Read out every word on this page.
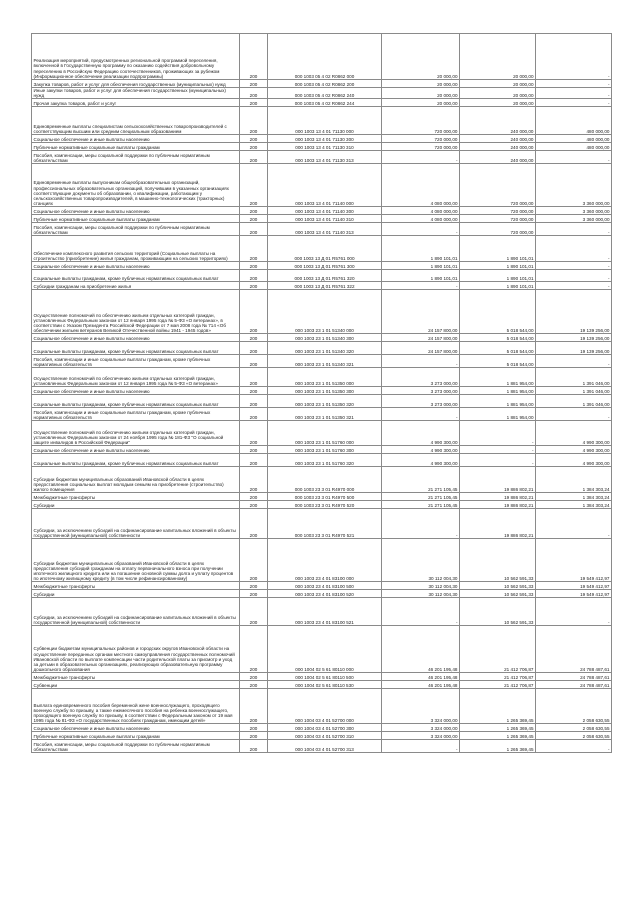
Реализация мероприятий, предусмотренных региональной программой переселения, включенной в Государственную программу по оказанию содействия добровольному переселению в Российскую Федерацию соотечественников, проживающих за рубежом (Информационное обеспечение реализации подпрограммы)	200	000 1003 05 4 02 R0862 000	20 000,00	20 000,00	-
Закупка товаров, работ и услуг для обеспечения государственных (муниципальных) нужд	200	000 1003 05 4 02 R0862 200	20 000,00	20 000,00	-
Иные закупки товаров, работ и услуг для обеспечения государственных (муниципальных) нужд	200	000 1003 05 4 02 R0862 240	20 000,00	20 000,00	-
Прочая закупка товаров, работ и услуг	200	000 1003 05 4 02 R0862 244	20 000,00	20 000,00	-
Единовременные выплаты специалистам сельскохозяйственных товаропроизводителей с соответствующим высшим или средним специальным образованием	200	000 1003 13 4 01 71130 000	720 000,00	240 000,00	480 000,00
Социальное обеспечение и иные выплаты населению	200	000 1003 13 4 01 71130 300	720 000,00	240 000,00	480 000,00
Публичные нормативные социальные выплаты гражданам	200	000 1003 13 4 01 71130 310	720 000,00	240 000,00	480 000,00
Пособия, компенсации, меры социальной поддержки по публичным нормативным обязательствам	200	000 1003 13 4 01 71130 313	-	240 000,00	-
Единовременные выплаты выпускникам общеобразовательных организаций, профессиональных образовательных организаций, получившим в указанных организациях соответствующие документы об образовании, о квалификации, работающим у сельскохозяйственных товаропроизводителей, в машинно-технологических (тракторных) станциях	200	000 1003 13 4 01 71140 000	4 080 000,00	720 000,00	3 360 000,00
Социальное обеспечение и иные выплаты населению	200	000 1003 13 4 01 71140 300	4 080 000,00	720 000,00	3 360 000,00
Публичные нормативные социальные выплаты гражданам	200	000 1003 13 4 01 71140 310	4 080 000,00	720 000,00	3 360 000,00
Пособия, компенсации, меры социальной поддержки по публичным нормативным обязательствам	200	000 1003 13 4 01 71140 313	-	720 000,00	-
Обеспечение комплексного развития сельских территорий (Социальные выплаты на строительство (приобретение) жилья гражданам, проживающим на сельских территориях)	200	000 1003 13 Д 01 R5761 000	1 890 101,01	1 890 101,01	-
Социальное обеспечение и иные выплаты населению	200	000 1003 13 Д 01 R5761 300	1 890 101,01	1 890 101,01	-
Социальные выплаты гражданам, кроме публичных нормативных социальных выплат	200	000 1003 13 Д 01 R5761 320	1 890 101,01	1 890 101,01	-
Субсидии гражданам на приобретение жилья	200	000 1003 13 Д 01 R5761 322	-	1 890 101,01	-
Осуществление полномочий по обеспечению жильем отдельных категорий граждан, установленных Федеральным законом от 12 января 1995 года № 5-ФЗ «О ветеранах», в соответствии с Указом Президента Российской Федерации от 7 мая 2008 года № 714 «Об обеспечении жильем ветеранов Великой Отечественной войны 1941 - 1945 годов»	200	000 1003 23 1 01 51340 000	24 157 800,00	5 018 544,00	19 139 256,00
Социальное обеспечение и иные выплаты населению	200	000 1003 23 1 01 51340 300	24 157 800,00	5 018 544,00	19 139 256,00
Социальные выплаты гражданам, кроме публичных нормативных социальных выплат	200	000 1003 23 1 01 51340 320	24 157 800,00	5 018 544,00	19 139 256,00
Пособия, компенсации и иные социальные выплаты гражданам, кроме публичных нормативных обязательств	200	000 1003 23 1 01 51340 321	-	5 018 544,00	-
Осуществление полномочий по обеспечению жильем отдельных категорий граждан, установленных Федеральным законом от 12 января 1995 года № 5-ФЗ «О ветеранах»	200	000 1003 23 1 01 51350 000	3 273 000,00	1 881 954,00	1 391 046,00
Социальное обеспечение и иные выплаты населению	200	000 1003 23 1 01 51350 300	3 273 000,00	1 881 954,00	1 391 046,00
Социальные выплаты гражданам, кроме публичных нормативных социальных выплат	200	000 1003 23 1 01 51350 320	3 273 000,00	1 881 954,00	1 391 046,00
Пособия, компенсации и иные социальные выплаты гражданам, кроме публичных нормативных обязательств	200	000 1003 23 1 01 51350 321	-	1 881 954,00	-
Осуществление полномочий по обеспечению жильем отдельных категорий граждан, установленных Федеральным законом от 24 ноября 1995 года № 181-ФЗ "О социальной защите инвалидов в Российской Федерации"	200	000 1003 23 1 01 51760 000	4 990 300,00	-	4 990 300,00
Социальное обеспечение и иные выплаты населению	200	000 1003 23 1 01 51760 300	4 990 300,00	-	4 990 300,00
Социальные выплаты гражданам, кроме публичных нормативных социальных выплат	200	000 1003 23 1 01 51760 320	4 990 300,00	-	4 990 300,00
Субсидии бюджетам муниципальных образований Ивановской области в целях предоставления социальных выплат молодым семьям на приобретение (строительство) жилого помещения	200	000 1003 23 3 01 R4970 000	21 271 105,45	19 886 802,21	1 384 303,24
Межбюджетные трансферты	200	000 1003 23 3 01 R4970 500	21 271 105,45	19 886 802,21	1 384 303,24
Субсидии	200	000 1003 23 3 01 R4970 520	21 271 105,45	19 886 802,21	1 384 303,24
Субсидии, за исключением субсидий на софинансирование капитальных вложений в объекты государственной (муниципальной) собственности	200	000 1003 23 3 01 R4970 521	-	19 886 802,21	-
Субсидии бюджетам муниципальных образований Ивановской области в целях предоставления субсидий гражданам на оплату первоначального взноса при получении ипотечного жилищного кредита или на погашение основной суммы долга и уплату процентов по ипотечному жилищному кредиту (в том числе рефинансированному)	200	000 1003 23 4 01 83100 000	30 112 004,30	10 562 591,33	19 549 412,97
Межбюджетные трансферты	200	000 1003 23 4 01 83100 500	30 112 004,30	10 562 591,33	19 549 412,97
Субсидии	200	000 1003 23 4 01 83100 520	30 112 004,30	10 562 591,33	19 549 412,97
Субсидии, за исключением субсидий на софинансирование капитальных вложений в объекты государственной (муниципальной) собственности	200	000 1003 23 4 01 83100 521	-	10 562 591,33	-
Субвенции бюджетам муниципальных районов и городских округов Ивановской области на осуществление переданных органам местного самоуправления государственных полномочий Ивановской области по выплате компенсации части родительской платы за присмотр и уход за детьми в образовательных организациях, реализующих образовательную программу дошкольного образования	200	000 1004 02 5 61 80110 000	46 201 195,48	21 412 706,87	24 788 487,61
Межбюджетные трансферты	200	000 1004 02 5 61 80110 500	46 201 195,48	21 412 706,87	24 788 487,61
Субвенции	200	000 1004 02 5 61 80110 530	46 201 195,48	21 412 706,87	24 788 487,61
Выплата единовременного пособия беременной жене военнослужащего, проходящего военную службу по призыву, а также ежемесячного пособия на ребенка военнослужащего, проходящего военную службу по призыву, в соответствии с Федеральным законом от 19 мая 1995 года № 81-ФЗ «О государственных пособиях гражданам, имеющим детей»	200	000 1004 03 4 01 52700 000	3 324 000,00	1 265 369,45	2 058 630,55
Социальное обеспечение и иные выплаты населению	200	000 1004 03 4 01 52700 300	3 324 000,00	1 265 369,45	2 058 630,55
Публичные нормативные социальные выплаты гражданам	200	000 1004 03 4 01 52700 310	3 324 000,00	1 265 369,45	2 058 630,55
Пособия, компенсации, меры социальной поддержки по публичным нормативным обязательствам	200	000 1004 03 4 01 52700 313	-	1 265 369,45	-
